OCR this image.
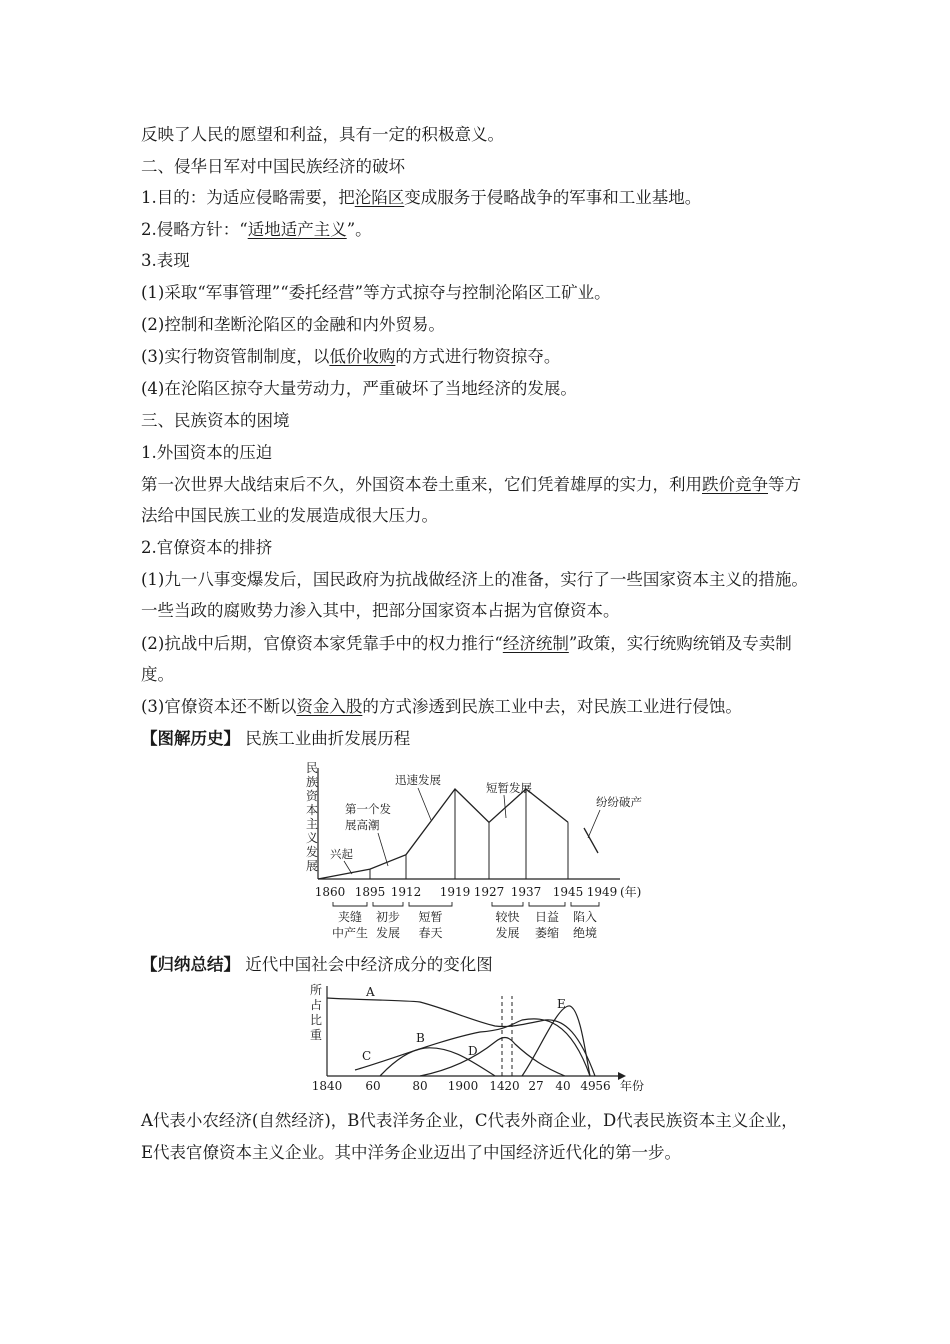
反映了人民的愿望和利益，具有一定的积极意义。
二、侵华日军对中国民族经济的破坏
1.目的：为适应侵略需要，把沦陷区变成服务于侵略战争的军事和工业基地。
2.侵略方针：“适地适产主义”。
3.表现
(1)采取“军事管理”“委托经营”等方式掠夺与控制沦陷区工矿业。
(2)控制和垄断沦陷区的金融和内外贸易。
(3)实行物资管制制度，以低价收购的方式进行物资掠夺。
(4)在沦陷区掠夺大量劳动力，严重破坏了当地经济的发展。
三、民族资本的困境
1.外国资本的压迫
第一次世界大战结束后不久，外国资本卷土重来，它们凭着雄厚的实力，利用跌价竞争等方
法给中国民族工业的发展造成很大压力。
2.官僚资本的排挤
(1)九一八事变爆发后，国民政府为抗战做经济上的准备，实行了一些国家资本主义的措施。
一些当政的腐败势力渗入其中，把部分国家资本占据为官僚资本。
(2)抗战中后期，官僚资本家凭靠手中的权力推行“经济统制”政策，实行统购统销及专卖制
度。
(3)官僚资本还不断以资金入股的方式渗透到民族工业中去，对民族工业进行侵蚀。
【图解历史】 民族工业曲折发展历程
民
族
资
本
主
义
发
展
1860 1895 1912 1919 1927 1937 1945 1949 (年)
兴起
第一个发
展高潮
迅速发展
短暂发展
纷纷破产
夹缝
中产生
初步
发展
短暂
春天
较快
发展
日益
萎缩
陷入
绝境
【归纳总结】 近代中国社会中经济成分的变化图
所
占
比
重
A
B
C	D
E
1840 60	80 1900 14 20 27 40 49 56 年份
A代表小农经济(自然经济)，B代表洋务企业，C代表外商企业，D代表民族资本主义企业，
E代表官僚资本主义企业。其中洋务企业迈出了中国经济近代化的第一步。
